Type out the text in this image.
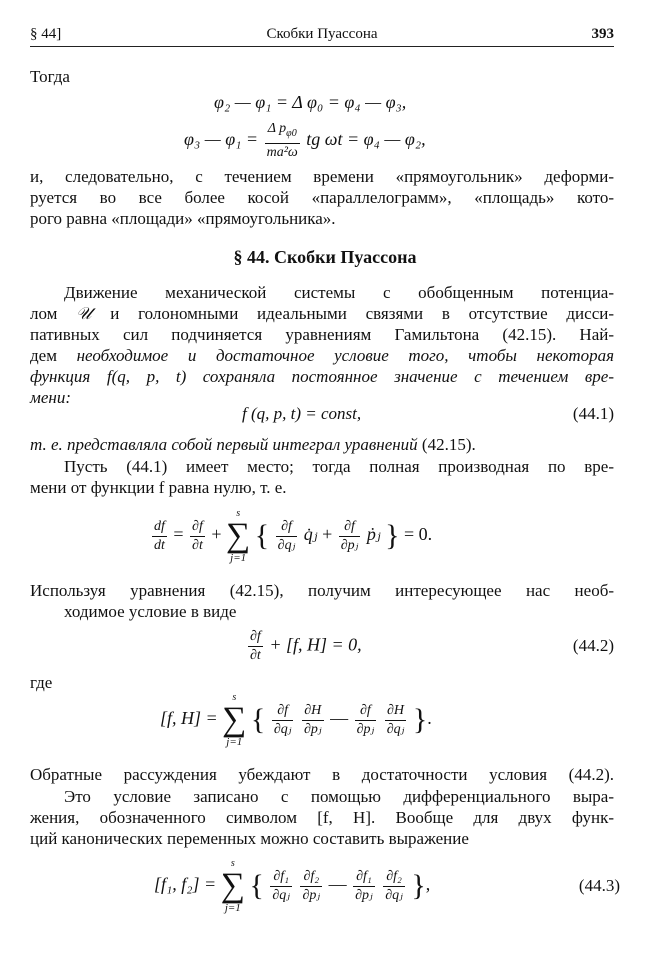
§ 44]	Скобки Пуассона	393
Тогда
φ₂ — φ₁ = Δ φ₀ = φ₄ — φ₃,
φ₃ — $\varphi_1 = \frac{\Delta p_{\varphi 0}}{\text{ma²ω}}$ tg ωt = φ₄ — φ₂,
и, следовательно, с течением времени «прямоугольник» деформи-
руется во все более косой «параллелограмм», «площадь» кото-
рого равна «площади» «прямоугольника».
§ 44. Скобки Пуассона
Движение механической системы с обобщенным потенциа-
лом 𝒰 и голономными идеальными связями в отсутствие дисси-
пативных сил подчиняется уравнениям Гамильтона (42.15). Най-
дем необходимое и достаточное условие того, чтобы некоторая
функция f(q, p, t) сохраняла постоянное значение с течением вре-
мени:
f (q, p, t) = const,	(44.1)
т. е. представляла собой первый интеграл уравнений (42.15).
Пусть (44.1) имеет место; тогда полная производная по вре-
мени от функции f равна нулю, т. е.
$\frac{df}{dt} = \frac{\partial f}{\partial t}$ +
s
∑
j=1
{ $\frac{\partial f}{\text{∂qⱼ}}$ q̇ⱼ + $\frac{\partial f}{\text{∂pⱼ}}$ ṗⱼ } = 0.
Используя уравнения (42.15), получим интересующее нас необ-
ходимое условие в виде
$\frac{\partial f}{\partial t} + [f$, H] = 0,	(44.2)
где
[f, H] =
s
∑
j=1
{ $\frac{\partial f}{\text{∂qⱼ}}$
$\frac{\partial H}{\text{∂pⱼ}}$ — $\frac{\partial f}{\text{∂pⱼ}}$
$\frac{\partial H}{\text{∂qⱼ}}$ }.
Обратные рассуждения убеждают в достаточности условия (44.2).
Это условие записано с помощью дифференциального выра-
жения, обозначенного символом [f, H]. Вообще для двух функ-
ций канонических переменных можно составить выражение
[f₁, f₂] =
s
∑
j=1
{ $\frac{\text{∂f₁}}{\text{∂qⱼ}}$
$\frac{\text{∂f₂}}{\text{∂pⱼ}}$ — $\frac{\text{∂f₁}}{\text{∂pⱼ}}$
$\frac{\text{∂f₂}}{\text{∂qⱼ}}$ },	(44.3)
